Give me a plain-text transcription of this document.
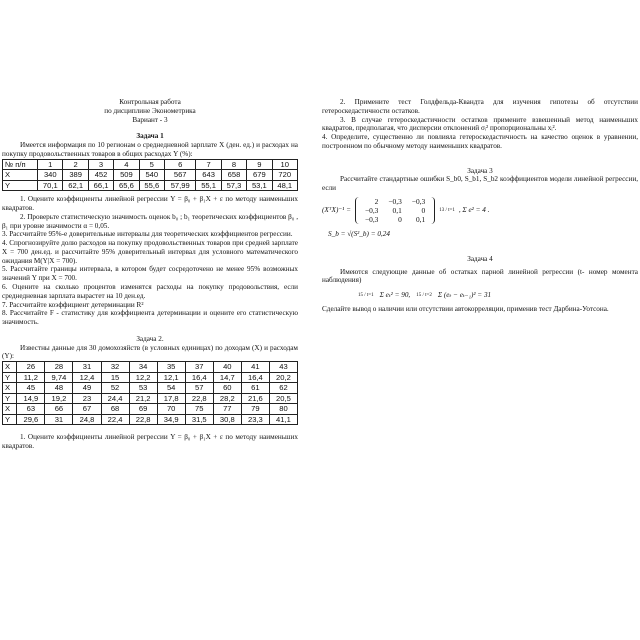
Контрольная работа

по дисциплине Эконометрика

Вариант - 3

Задача 1

Имеется информация по 10 регионам о среднедневной зарплате X (ден. ед.) и расходах на покупку продовольственных товаров в общих расходах Y (%):

№ п/п	1	2	3	4	5	6	7	8	9	10
X	340	389	452	509	540	567	643	658	679	720
Y	70,1	62,1	66,1	65,6	55,6	57,99	55,1	57,3	53,1	48,1

1. Оцените коэффициенты линейной регрессии Y = β₀ + β₁X + ε по методу наименьших квадратов.

2. Проверьте статистическую значимость оценок b₀ ; b₁ теоретических коэффициентов β₀ , β₁ при уровне значимости α = 0,05.

3. Рассчитайте 95%-е доверительные интервалы для теоретических коэффициентов регрессии.

4. Спрогнозируйте долю расходов на покупку продовольственных товаров при средней зарплате X = 700 ден.ед. и рассчитайте 95% доверительный интервал для условного математического ожидания M(Y|X = 700).

5. Рассчитайте границы интервала, в котором будет сосредоточено не менее 95% возможных значений Y при X = 700.

6. Оцените на сколько процентов изменятся расходы на покупку продовольствия, если среднедневная зарплата вырастет на 10 ден.ед.

7. Рассчитайте коэффициент детерминации R²

8. Рассчитайте F - статистику для коэффициента детерминации и оцените его статистическую значимость.

Задача 2.

Известны данные для 30 домохозяйств (в условных единицах) по доходам (X) и расходам (Y):

X	26	28	31	32	34	35	37	40	41	43
Y	11,2	9,74	12,4	15	12,2	12,1	16,4	14,7	16,4	20,2
X	45	48	49	52	53	54	57	60	61	62
Y	14,9	19,2	23	24,4	21,2	17,8	22,8	28,2	21,6	20,5
X	63	66	67	68	69	70	75	77	79	80
Y	29,6	31	24,8	22,4	22,8	34,9	31,5	30,8	23,3	41,1

1. Оцените коэффициенты линейной регрессии Y = β₀ + β₁X + ε по методу наименьших квадратов.

2. Примените тест Голдфельда-Квандта для изучения гипотезы об отсутствии гетероскедастичности остатков.

3. В случае гетероскедастичности остатков примените взвешенный метод наименьших квадратов, предполагая, что дисперсии отклонений σᵢ² пропорциональны xᵢ².

4. Определите, существенно ли повлияла гетероскедастичность на качество оценок в уравнении, построенном по обычному методу наименьших квадратов.

Задача 3

Рассчитайте стандартные ошибки S_b0, S_b1, S_b2 коэффициентов модели линейной регрессии, если

(XᵀX)⁻¹ =
2	−0,3	−0,3
−0,3	0,1	0
−0,3	0	0,1
13 / t=1 , Σ e² = 4 .

S_b = √(S²_b) = 0,24

Задача 4

Имеются следующие данные об остатках парной линейной регрессии (t- номер момента наблюдения)

15 / t=1 Σ eₜ² = 90, 15 / t=2 Σ (eₜ − eₜ₋₁)² = 31

Сделайте вывод о наличии или отсутствии автокорреляции, применив тест Дарбина-Уотсона.
